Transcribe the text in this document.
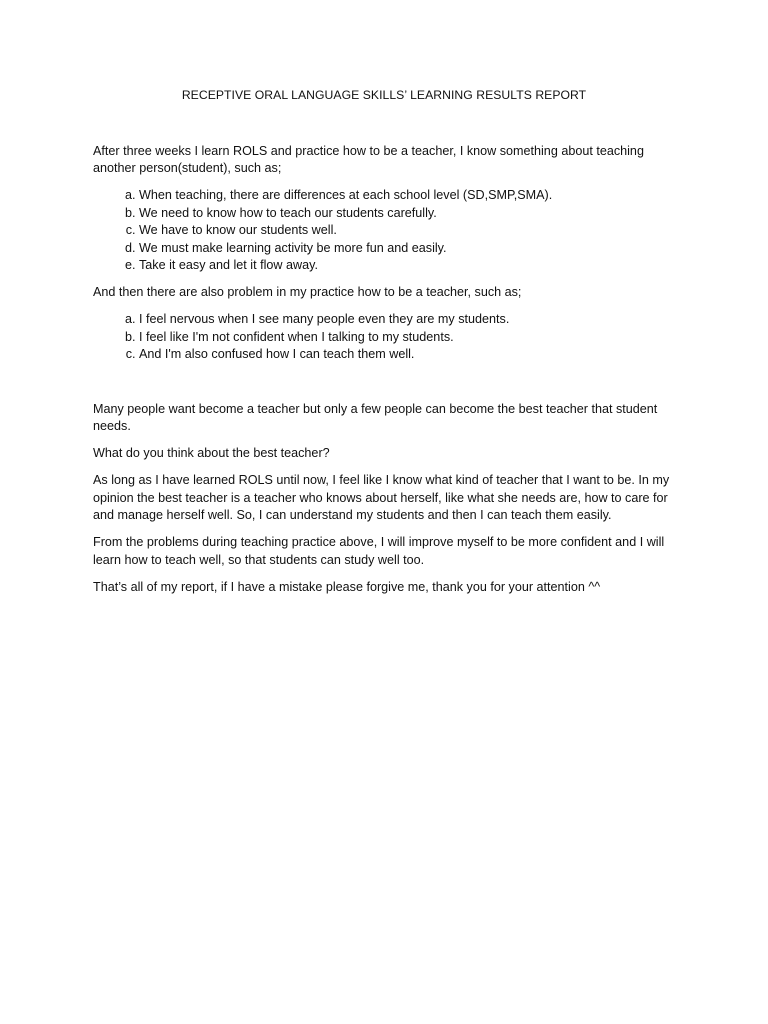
RECEPTIVE ORAL LANGUAGE SKILLS’ LEARNING RESULTS REPORT

After three weeks I learn ROLS and practice how to be a teacher, I know something about teaching another person(student), such as;

a. When teaching, there are differences at each school level (SD,SMP,SMA).
b. We need to know how to teach our students carefully.
c. We have to know our students well.
d. We must make learning activity be more fun and easily.
e. Take it easy and let it flow away.

And then there are also problem in my practice how to be a teacher, such as;

a. I feel nervous when I see many people even they are my students.
b. I feel like I'm not confident when I talking to my students.
c. And I'm also confused how I can teach them well.

Many people want become a teacher but only a few people can become the best teacher that student needs.

What do you think about the best teacher?

As long as I have learned ROLS until now, I feel like I know what kind of teacher that I want to be. In my opinion the best teacher is a teacher who knows about herself, like what she needs are, how to care for and manage herself well. So, I can understand my students and then I can teach them easily.

From the problems during teaching practice above, I will improve myself to be more confident and I will learn how to teach well, so that students can study well too.

That’s all of my report, if I have a mistake please forgive me, thank you for your attention ^^
